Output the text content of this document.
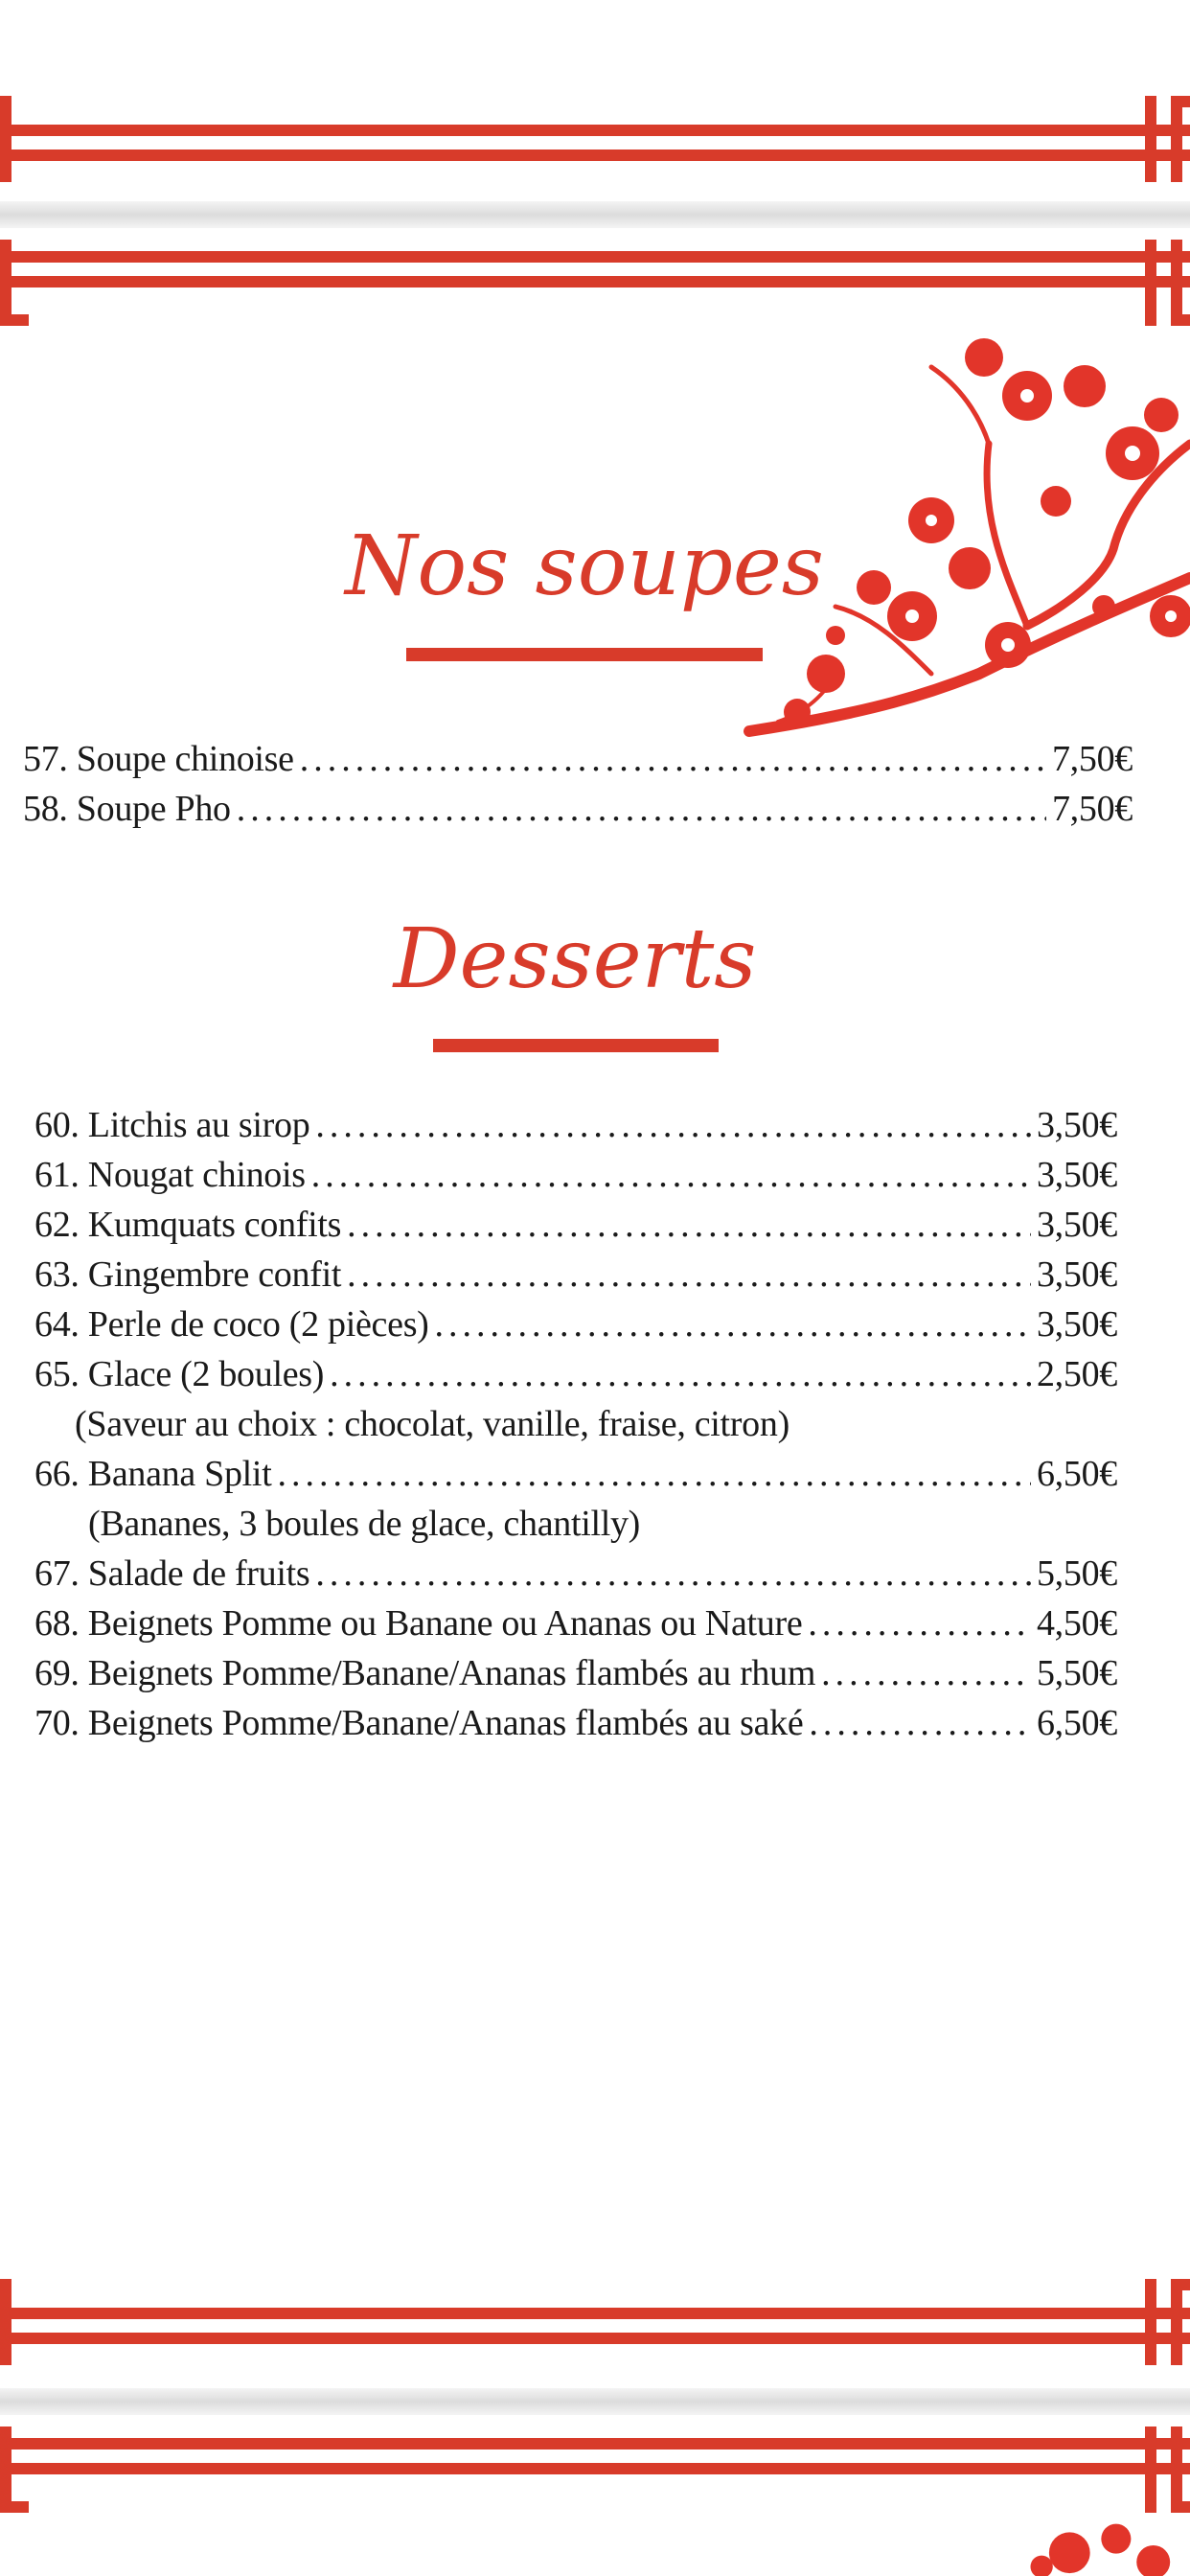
Nos soupes
57. Soupe chinoise .....	7,50€
58. Soupe Pho .....	7,50€
Desserts
60. Litchis au sirop .....	3,50€
61. Nougat chinois .....	3,50€
62. Kumquats confits .....	3,50€
63. Gingembre confit .....	3,50€
64. Perle de coco (2 pièces) .....	3,50€
65. Glace (2 boules) .....	2,50€
(Saveur au choix : chocolat, vanille, fraise, citron)
66. Banana Split .....	6,50€
(Bananes, 3 boules de glace, chantilly)
67. Salade de fruits .....	5,50€
68. Beignets Pomme ou Banane ou Ananas ou Nature .....	4,50€
69. Beignets Pomme/Banane/Ananas flambés au rhum .....	5,50€
70. Beignets Pomme/Banane/Ananas flambés au saké .....	6,50€
